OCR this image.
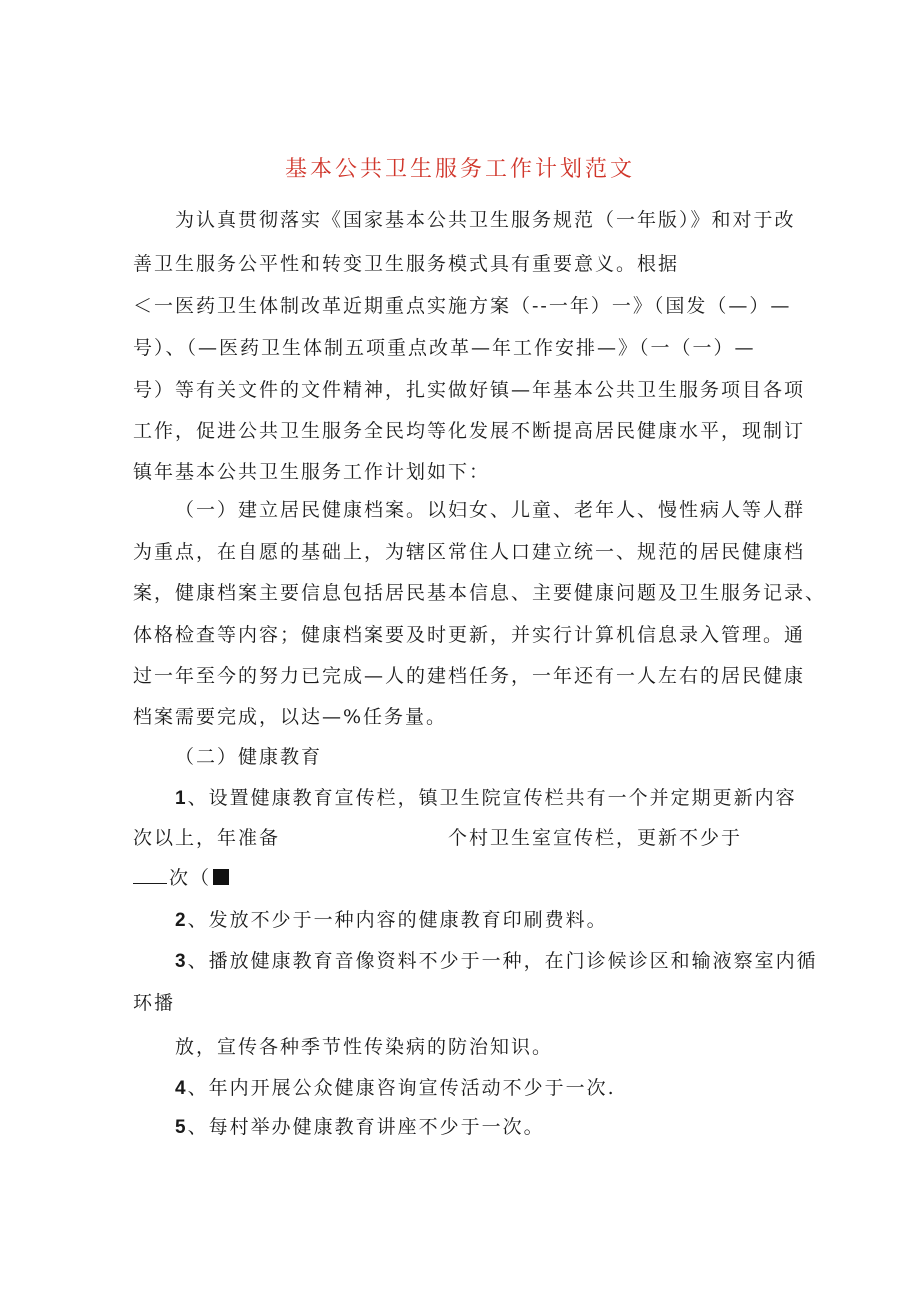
基本公共卫生服务工作计划范文
为认真贯彻落实《国家基本公共卫生服务规范（一年版）》和对于改
善卫生服务公平性和转变卫生服务模式具有重要意义。根据
＜一医药卫生体制改革近期重点实施方案（--一年）一》（国发（—）—
号）、（—医药卫生体制五项重点改革—年工作安排—》（一（一）—
号）等有关文件的文件精神，扎实做好镇—年基本公共卫生服务项目各项
工作，促进公共卫生服务全民均等化发展不断提高居民健康水平，现制订
镇年基本公共卫生服务工作计划如下：
（一）建立居民健康档案。以妇女、儿童、老年人、慢性病人等人群
为重点，在自愿的基础上，为辖区常住人口建立统一、规范的居民健康档
案，健康档案主要信息包括居民基本信息、主要健康问题及卫生服务记录、
体格检查等内容；健康档案要及时更新，并实行计算机信息录入管理。通
过一年至今的努力已完成—人的建档任务，一年还有一人左右的居民健康
档案需要完成，以达—%任务量。
（二）健康教育
1、设置健康教育宣传栏，镇卫生院宣传栏共有一个并定期更新内容
次以上，年准备	个村卫生室宣传栏，更新不少于
次（
2、发放不少于一种内容的健康教育印刷费料。
3、播放健康教育音像资料不少于一种，在门诊候诊区和输液察室内循
环播
放，宣传各种季节性传染病的防治知识。
4、年内开展公众健康咨询宣传活动不少于一次.
5、每村举办健康教育讲座不少于一次。
